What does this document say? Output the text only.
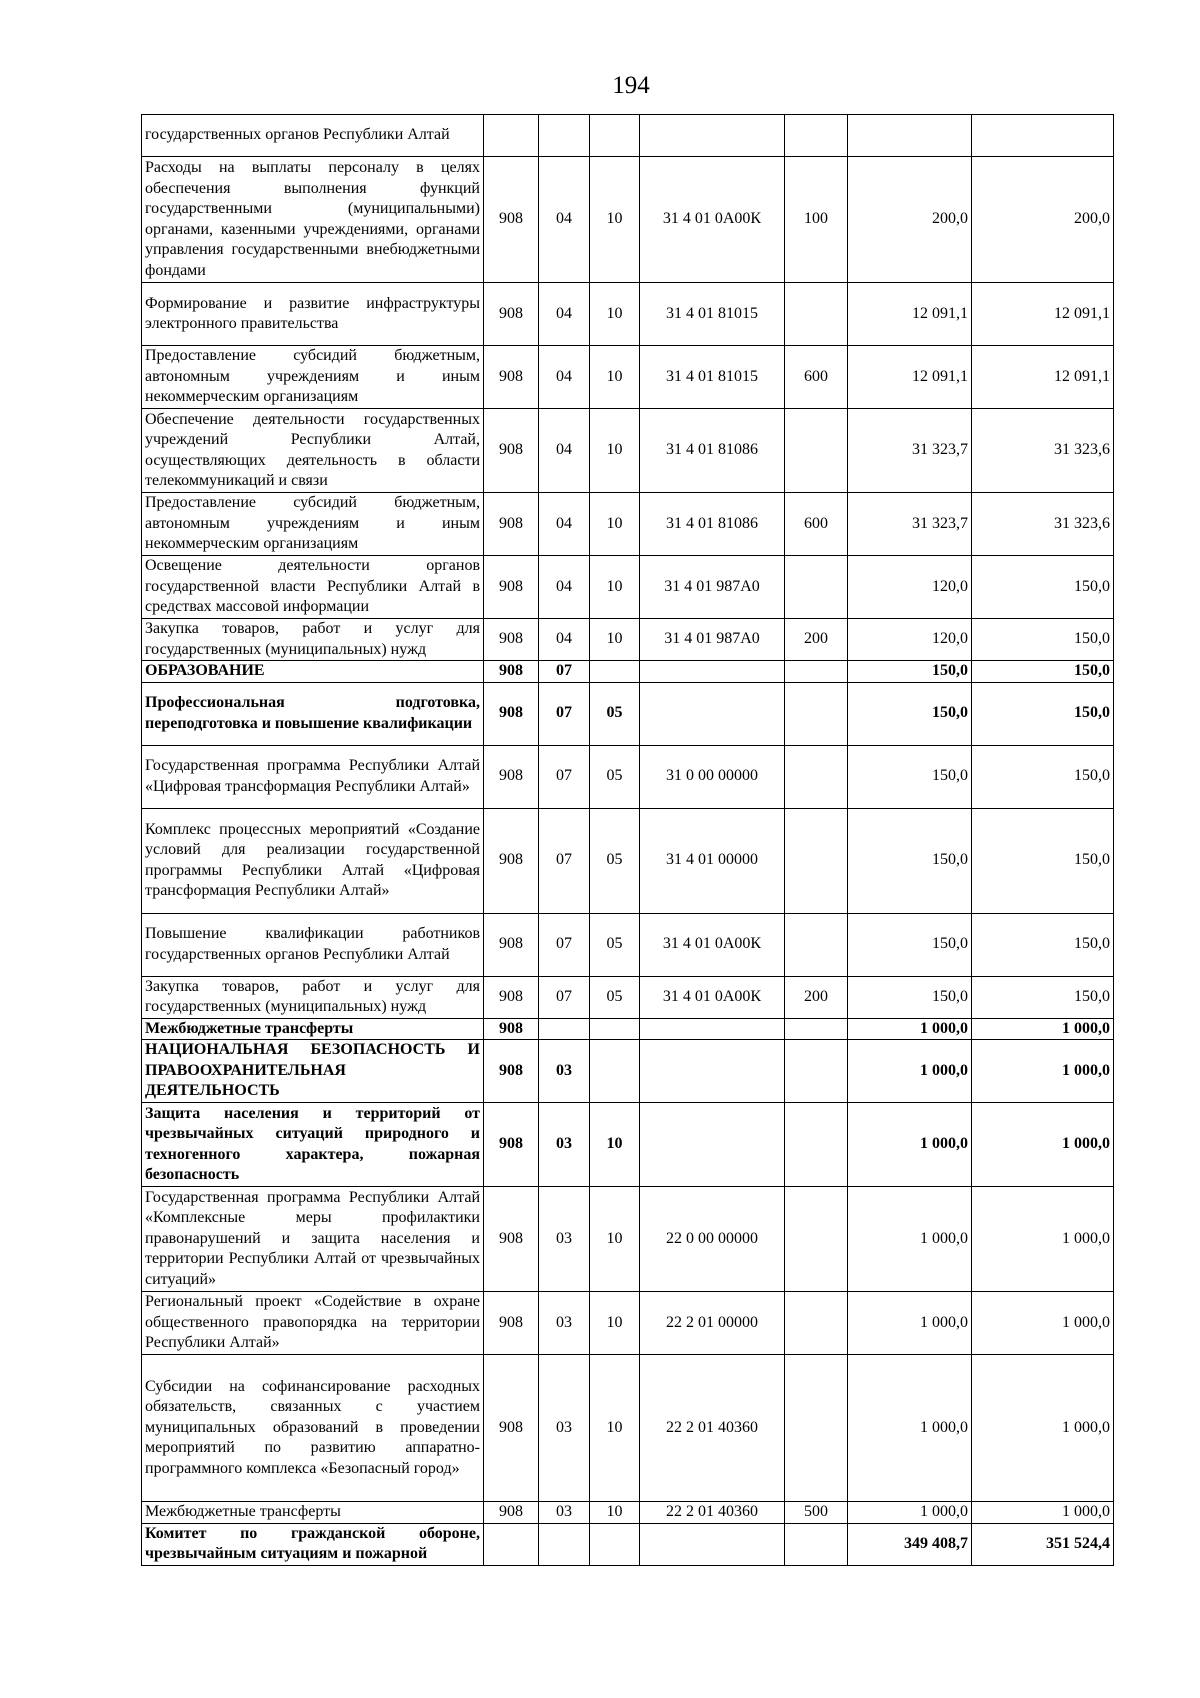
194
государственных органов Республики Алтай							
Расходы на выплаты персоналу в целях обеспечения выполнения функций государственными (муниципальными) органами, казенными учреждениями, органами управления государственными внебюджетными фондами	908	04	10	31 4 01 0А00К	100	200,0	200,0
Формирование и развитие инфраструктуры электронного правительства	908	04	10	31 4 01 81015		12 091,1	12 091,1
Предоставление субсидий бюджетным, автономным учреждениям и иным некоммерческим организациям	908	04	10	31 4 01 81015	600	12 091,1	12 091,1
Обеспечение деятельности государственных учреждений Республики Алтай, осуществляющих деятельность в области телекоммуникаций и связи	908	04	10	31 4 01 81086		31 323,7	31 323,6
Предоставление субсидий бюджетным, автономным учреждениям и иным некоммерческим организациям	908	04	10	31 4 01 81086	600	31 323,7	31 323,6
Освещение деятельности органов государственной власти Республики Алтай в средствах массовой информации	908	04	10	31 4 01 987А0		120,0	150,0
Закупка товаров, работ и услуг для государственных (муниципальных) нужд	908	04	10	31 4 01 987А0	200	120,0	150,0
ОБРАЗОВАНИЕ	908	07				150,0	150,0
Профессиональная подготовка, переподготовка и повышение квалификации	908	07	05			150,0	150,0
Государственная программа Республики Алтай «Цифровая трансформация Республики Алтай»	908	07	05	31 0 00 00000		150,0	150,0
Комплекс процессных мероприятий «Создание условий для реализации государственной программы Республики Алтай «Цифровая трансформация Республики Алтай»	908	07	05	31 4 01 00000		150,0	150,0
Повышение квалификации работников государственных органов Республики Алтай	908	07	05	31 4 01 0А00К		150,0	150,0
Закупка товаров, работ и услуг для государственных (муниципальных) нужд	908	07	05	31 4 01 0А00К	200	150,0	150,0
Межбюджетные трансферты	908					1 000,0	1 000,0
НАЦИОНАЛЬНАЯ БЕЗОПАСНОСТЬ И ПРАВООХРАНИТЕЛЬНАЯ ДЕЯТЕЛЬНОСТЬ	908	03				1 000,0	1 000,0
Защита населения и территорий от чрезвычайных ситуаций природного и техногенного характера, пожарная безопасность	908	03	10			1 000,0	1 000,0
Государственная программа Республики Алтай «Комплексные меры профилактики правонарушений и защита населения и территории Республики Алтай от чрезвычайных ситуаций»	908	03	10	22 0 00 00000		1 000,0	1 000,0
Региональный проект «Содействие в охране общественного правопорядка на территории Республики Алтай»	908	03	10	22 2 01 00000		1 000,0	1 000,0
Субсидии на софинансирование расходных обязательств, связанных с участием муниципальных образований в проведении мероприятий по развитию аппаратно-программного комплекса «Безопасный город»	908	03	10	22 2 01 40360		1 000,0	1 000,0
Межбюджетные трансферты	908	03	10	22 2 01 40360	500	1 000,0	1 000,0
Комитет по гражданской обороне, чрезвычайным ситуациям и пожарной						349 408,7	351 524,4
